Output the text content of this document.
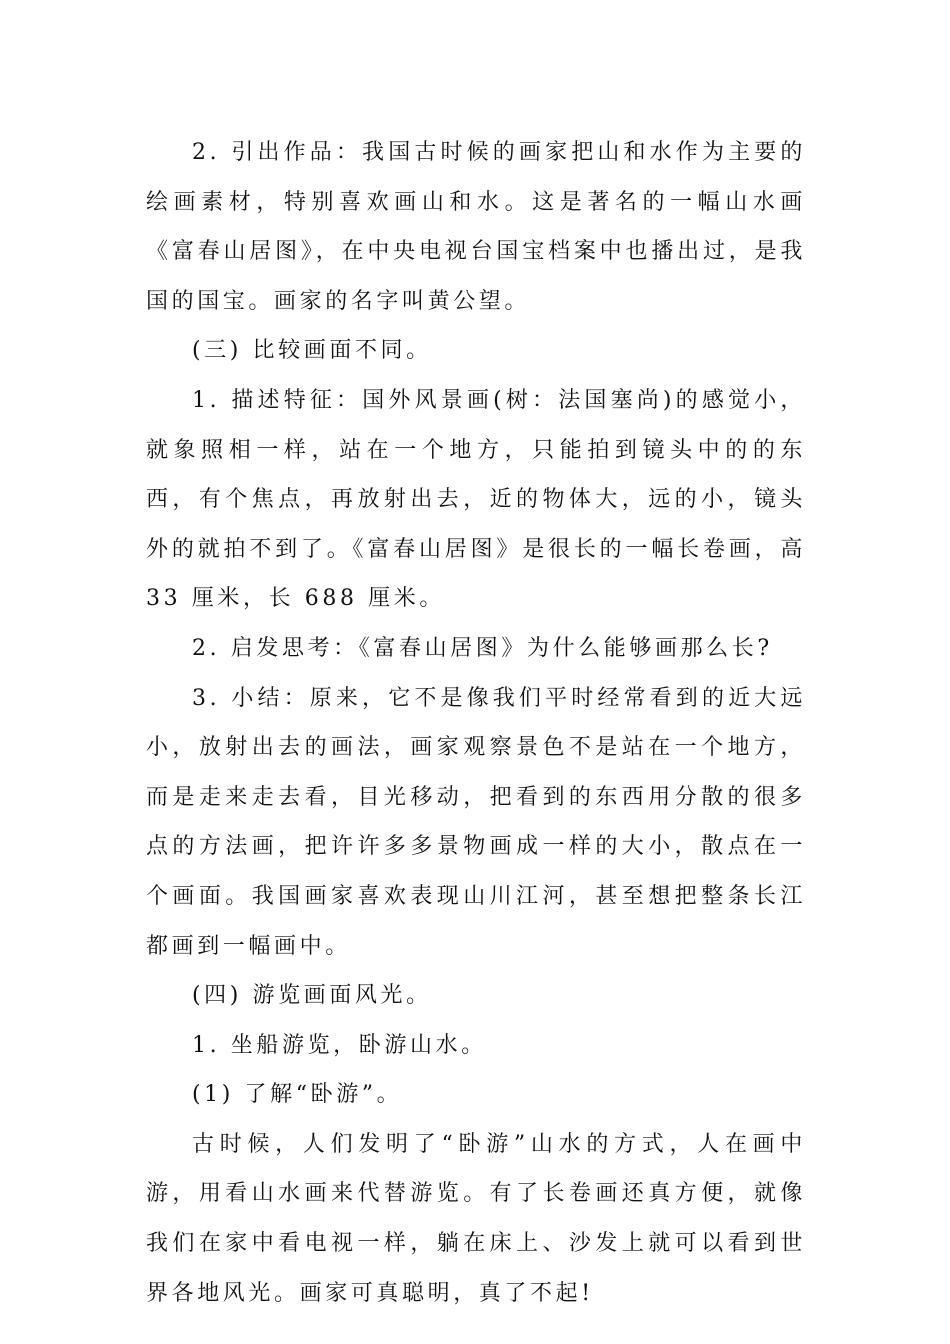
2. 引出作品：我国古时候的画家把山和水作为主要的绘画素材，特别喜欢画山和水。这是著名的一幅山水画《富春山居图》，在中央电视台国宝档案中也播出过，是我国的国宝。画家的名字叫黄公望。

(三) 比较画面不同。

1. 描述特征：国外风景画(树：法国塞尚)的感觉小，就象照相一样，站在一个地方，只能拍到镜头中的的东西，有个焦点，再放射出去，近的物体大，远的小，镜头外的就拍不到了。《富春山居图》是很长的一幅长卷画，高 33 厘米，长 688 厘米。

2. 启发思考：《富春山居图》为什么能够画那么长?

3. 小结：原来，它不是像我们平时经常看到的近大远小，放射出去的画法，画家观察景色不是站在一个地方，而是走来走去看，目光移动，把看到的东西用分散的很多点的方法画，把许许多多景物画成一样的大小，散点在一个画面。我国画家喜欢表现山川江河，甚至想把整条长江都画到一幅画中。

(四) 游览画面风光。

1. 坐船游览，卧游山水。

(1) 了解“卧游”。

古时候，人们发明了“卧游”山水的方式，人在画中游，用看山水画来代替游览。有了长卷画还真方便，就像我们在家中看电视一样，躺在床上、沙发上就可以看到世界各地风光。画家可真聪明，真了不起!
